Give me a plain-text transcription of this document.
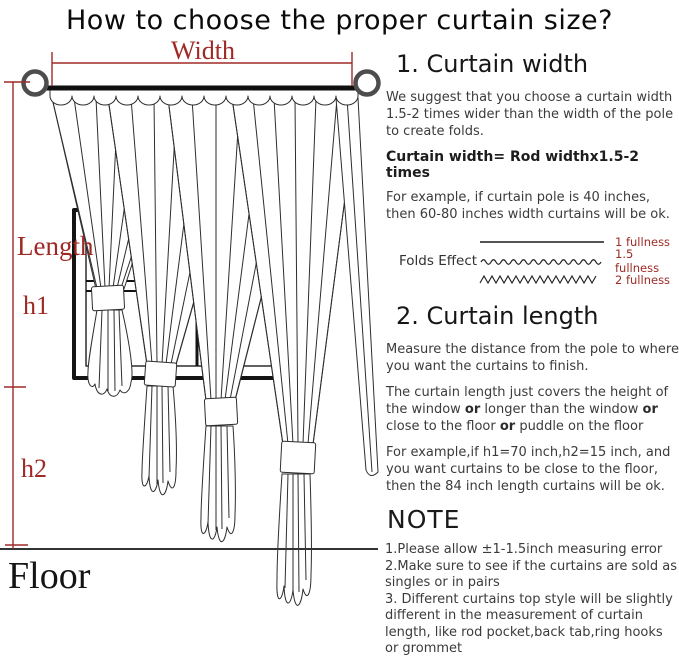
How to choose the proper curtain size?
Width
Length
h1
h2
Floor
1. Curtain width
We suggest that you choose a curtain width 1.5-2 times wider than the width of the pole to create folds.
Curtain width= Rod widthx1.5-2 times
For example, if curtain pole is 40 inches, then 60-80 inches width curtains will be ok.
Folds Effect
1 fullness
1.5 fullness
2 fullness
2. Curtain length
Measure the distance from the pole to where you want the curtains to finish.
The curtain length just covers the height of the window or longer than the window or close to the floor or puddle on the floor
For example,if h1=70 inch,h2=15 inch, and you want curtains to be close to the floor, then the 84 inch length curtains will be ok.
NOTE
1.Please allow ±1-1.5inch measuring error
2.Make sure to see if the curtains are sold as singles or in pairs
3. Different curtains top style will be slightly different in the measurement of curtain length, like rod pocket,back tab,ring hooks or grommet
